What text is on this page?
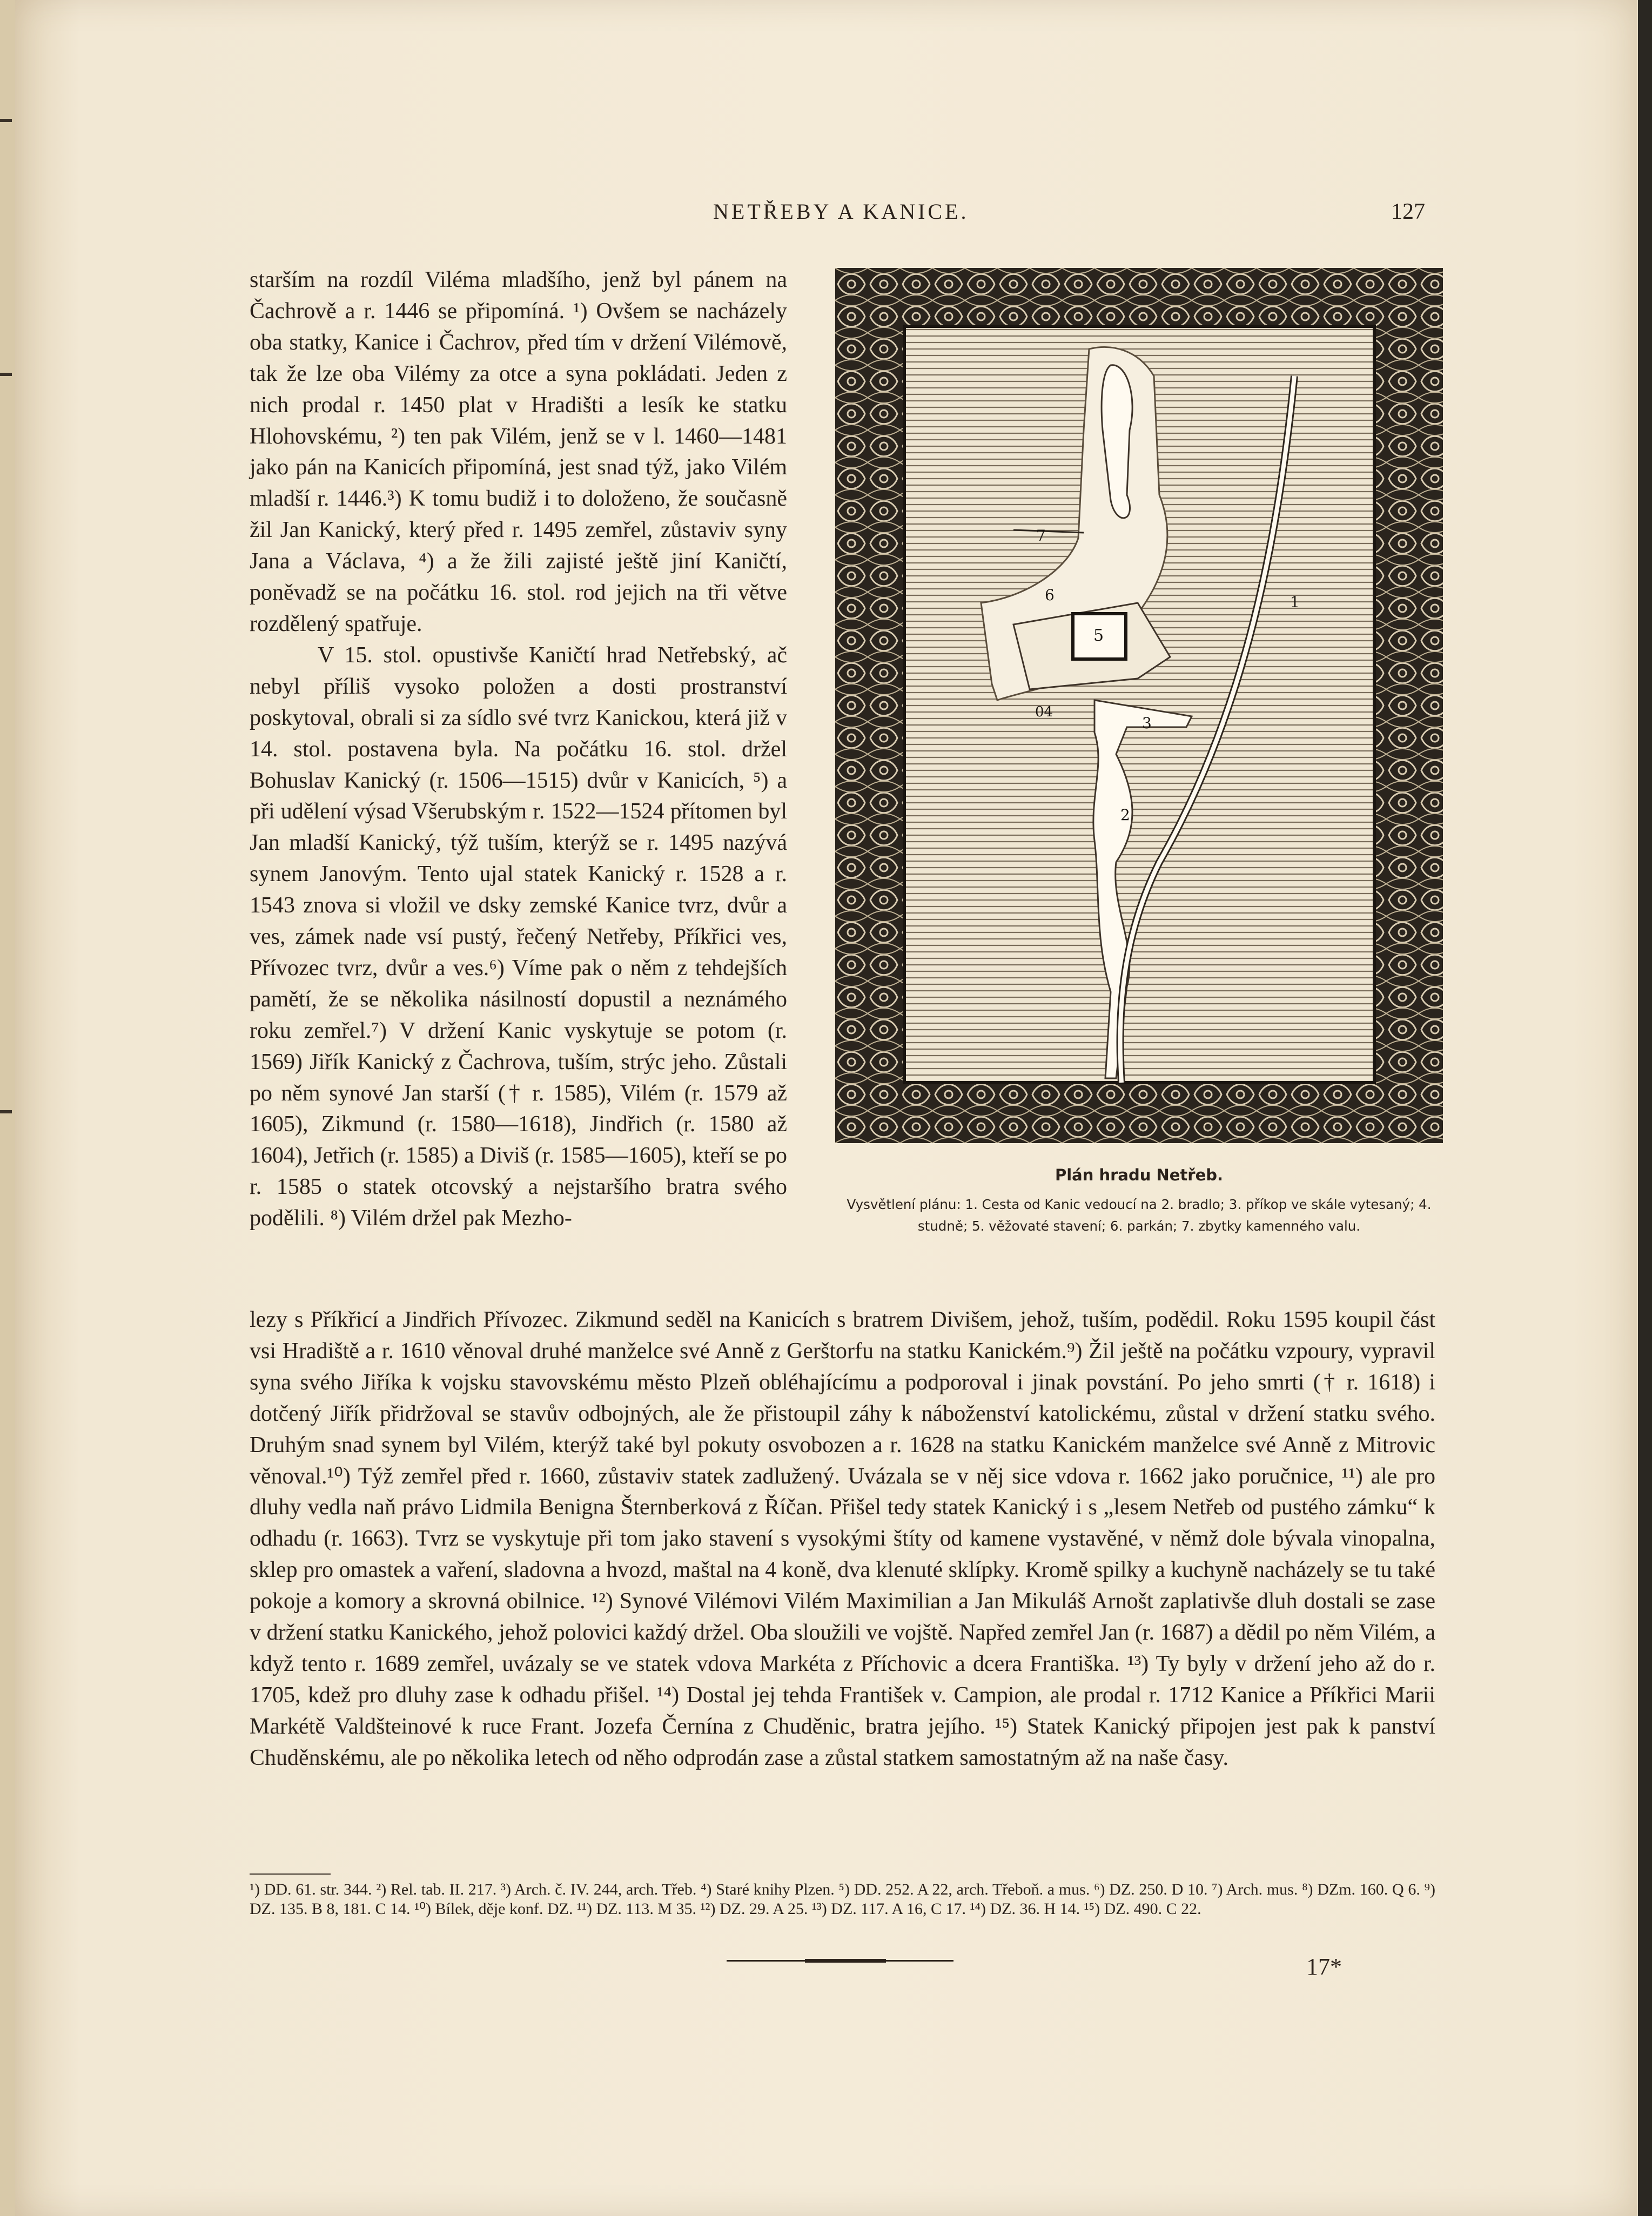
NETŘEBY A KANICE.	127

starším na rozdíl Viléma mladšího, jenž byl pánem na Čachrově a r. 1446 se připomíná. ¹) Ovšem se nacházely oba statky, Kanice i Čachrov, před tím v držení Vilémově, tak že lze oba Vilémy za otce a syna pokládati. Jeden z nich prodal r. 1450 plat v Hradišti a lesík ke statku Hlohovskému, ²) ten pak Vilém, jenž se v l. 1460—1481 jako pán na Kanicích připomíná, jest snad týž, jako Vilém mladší r. 1446.³) K tomu budiž i to doloženo, že současně žil Jan Kanický, který před r. 1495 zemřel, zůstaviv syny Jana a Václava, ⁴) a že žili zajisté ještě jiní Kaničtí, poněvadž se na počátku 16. stol. rod jejich na tři větve rozdělený spatřuje.

V 15. stol. opustivše Kaničtí hrad Netřebský, ač nebyl příliš vysoko položen a dosti prostranství poskytoval, obrali si za sídlo své tvrz Kanickou, která již v 14. stol. postavena byla. Na počátku 16. stol. držel Bohuslav Kanický (r. 1506—1515) dvůr v Kanicích, ⁵) a při udělení výsad Všerubským r. 1522—1524 přítomen byl Jan mladší Kanický, týž tuším, kterýž se r. 1495 nazývá synem Janovým. Tento ujal statek Kanický r. 1528 a r. 1543 znova si vložil ve dsky zemské Kanice tvrz, dvůr a ves, zámek nade vsí pustý, řečený Netřeby, Příkřici ves, Přívozec tvrz, dvůr a ves.⁶) Víme pak o něm z tehdejších pamětí, že se několika násilností dopustil a neznámého roku zemřel.⁷) V držení Kanic vyskytuje se potom (r. 1569) Jiřík Kanický z Čachrova, tuším, strýc jeho. Zůstali po něm synové Jan starší († r. 1585), Vilém (r. 1579 až 1605), Zikmund (r. 1580—1618), Jindřich (r. 1580 až 1604), Jetřich (r. 1585) a Diviš (r. 1585—1605), kteří se po r. 1585 o statek otcovský a nejstaršího bratra svého podělili. ⁸) Vilém držel pak Mezho-

5
6
7
1
2
3
04
Plán hradu Netřeb.
Vysvětlení plánu: 1. Cesta od Kanic vedoucí na 2. bradlo; 3. příkop ve skále vytesaný; 4. studně; 5. věžovaté stavení; 6. parkán; 7. zbytky kamenného valu.

lezy s Příkřicí a Jindřich Přívozec. Zikmund seděl na Kanicích s bratrem Divišem, jehož, tuším, podědil. Roku 1595 koupil část vsi Hradiště a r. 1610 věnoval druhé manželce své Anně z Gerštorfu na statku Kanickém.⁹) Žil ještě na počátku vzpoury, vypravil syna svého Jiříka k vojsku stavovskému město Plzeň obléhajícímu a podporoval i jinak povstání. Po jeho smrti († r. 1618) i dotčený Jiřík přidržoval se stavův odbojných, ale že přistoupil záhy k náboženství katolickému, zůstal v držení statku svého. Druhým snad synem byl Vilém, kterýž také byl pokuty osvobozen a r. 1628 na statku Kanickém manželce své Anně z Mitrovic věnoval.¹⁰) Týž zemřel před r. 1660, zůstaviv statek zadlužený. Uvázala se v něj sice vdova r. 1662 jako poručnice, ¹¹) ale pro dluhy vedla naň právo Lidmila Benigna Šternberková z Říčan. Přišel tedy statek Kanický i s „lesem Netřeb od pustého zámku“ k odhadu (r. 1663). Tvrz se vyskytuje při tom jako stavení s vysokými štíty od kamene vystavěné, v němž dole bývala vinopalna, sklep pro omastek a vaření, sladovna a hvozd, maštal na 4 koně, dva klenuté sklípky. Kromě spilky a kuchyně nacházely se tu také pokoje a komory a skrovná obilnice. ¹²) Synové Vilémovi Vilém Maximilian a Jan Mikuláš Arnošt zaplativše dluh dostali se zase v držení statku Kanického, jehož polovici každý držel. Oba sloužili ve vojště. Napřed zemřel Jan (r. 1687) a dědil po něm Vilém, a když tento r. 1689 zemřel, uvázaly se ve statek vdova Markéta z Příchovic a dcera Františka. ¹³) Ty byly v držení jeho až do r. 1705, kdež pro dluhy zase k odhadu přišel. ¹⁴) Dostal jej tehda František v. Campion, ale prodal r. 1712 Kanice a Příkřici Marii Markétě Valdšteinové k ruce Frant. Jozefa Černína z Chuděnic, bratra jejího. ¹⁵) Statek Kanický připojen jest pak k panství Chuděnskému, ale po několika letech od něho odprodán zase a zůstal statkem samostatným až na naše časy.

¹) DD. 61. str. 344. ²) Rel. tab. II. 217. ³) Arch. č. IV. 244, arch. Třeb. ⁴) Staré knihy Plzen. ⁵) DD. 252. A 22, arch. Třeboň. a mus. ⁶) DZ. 250. D 10. ⁷) Arch. mus. ⁸) DZm. 160. Q 6. ⁹) DZ. 135. B 8, 181. C 14. ¹⁰) Bílek, děje konf. DZ. ¹¹) DZ. 113. M 35. ¹²) DZ. 29. A 25. ¹³) DZ. 117. A 16, C 17. ¹⁴) DZ. 36. H 14. ¹⁵) DZ. 490. C 22.
17*
